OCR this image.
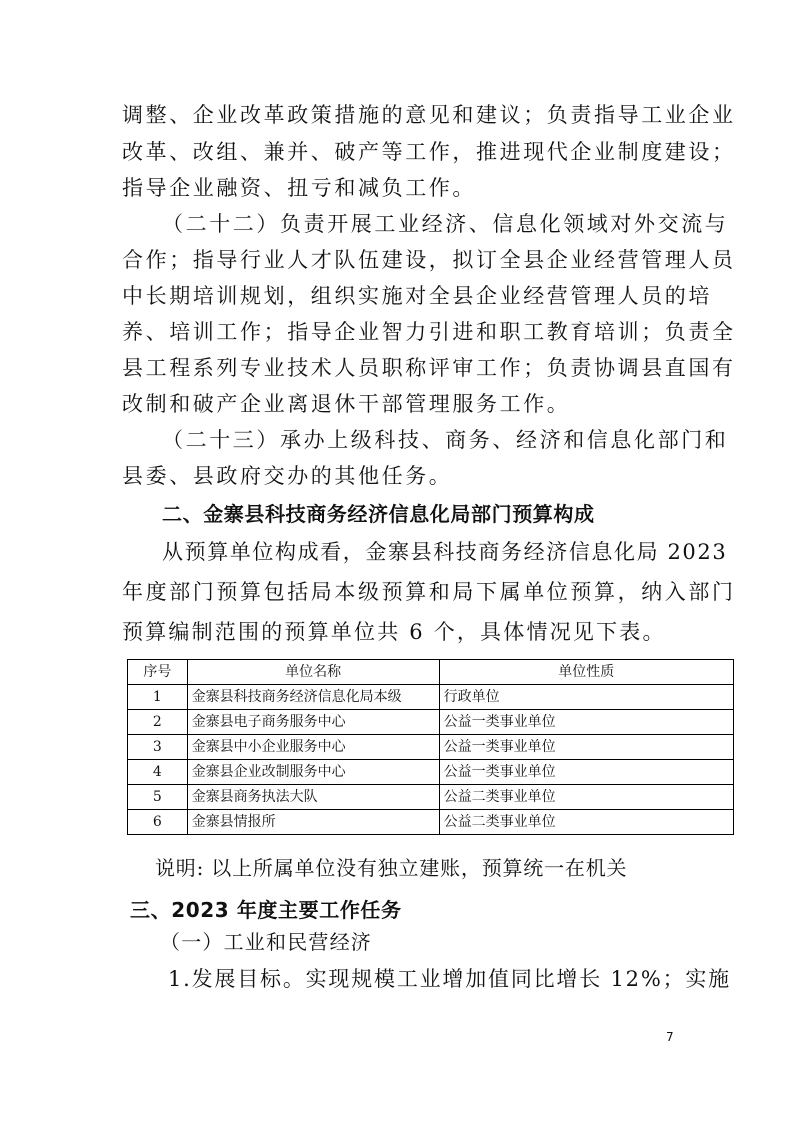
调整、企业改革政策措施的意见和建议；负责指导工业企业
改革、改组、兼并、破产等工作，推进现代企业制度建设；
指导企业融资、扭亏和减负工作。
（二十二）负责开展工业经济、信息化领域对外交流与
合作；指导行业人才队伍建设，拟订全县企业经营管理人员
中长期培训规划，组织实施对全县企业经营管理人员的培
养、培训工作；指导企业智力引进和职工教育培训；负责全
县工程系列专业技术人员职称评审工作；负责协调县直国有
改制和破产企业离退休干部管理服务工作。
（二十三）承办上级科技、商务、经济和信息化部门和
县委、县政府交办的其他任务。
二、金寨县科技商务经济信息化局部门预算构成
从预算单位构成看，金寨县科技商务经济信息化局 2023
年度部门预算包括局本级预算和局下属单位预算，纳入部门
预算编制范围的预算单位共 6 个，具体情况见下表。
序号	单位名称	单位性质
1	金寨县科技商务经济信息化局本级	行政单位
2	金寨县电子商务服务中心	公益一类事业单位
3	金寨县中小企业服务中心	公益一类事业单位
4	金寨县企业改制服务中心	公益一类事业单位
5	金寨县商务执法大队	公益二类事业单位
6	金寨县情报所	公益二类事业单位
说明: 以上所属单位没有独立建账，预算统一在机关
三、2023 年度主要工作任务
（一）工业和民营经济
1.发展目标。实现规模工业增加值同比增长 12%；实施
7
